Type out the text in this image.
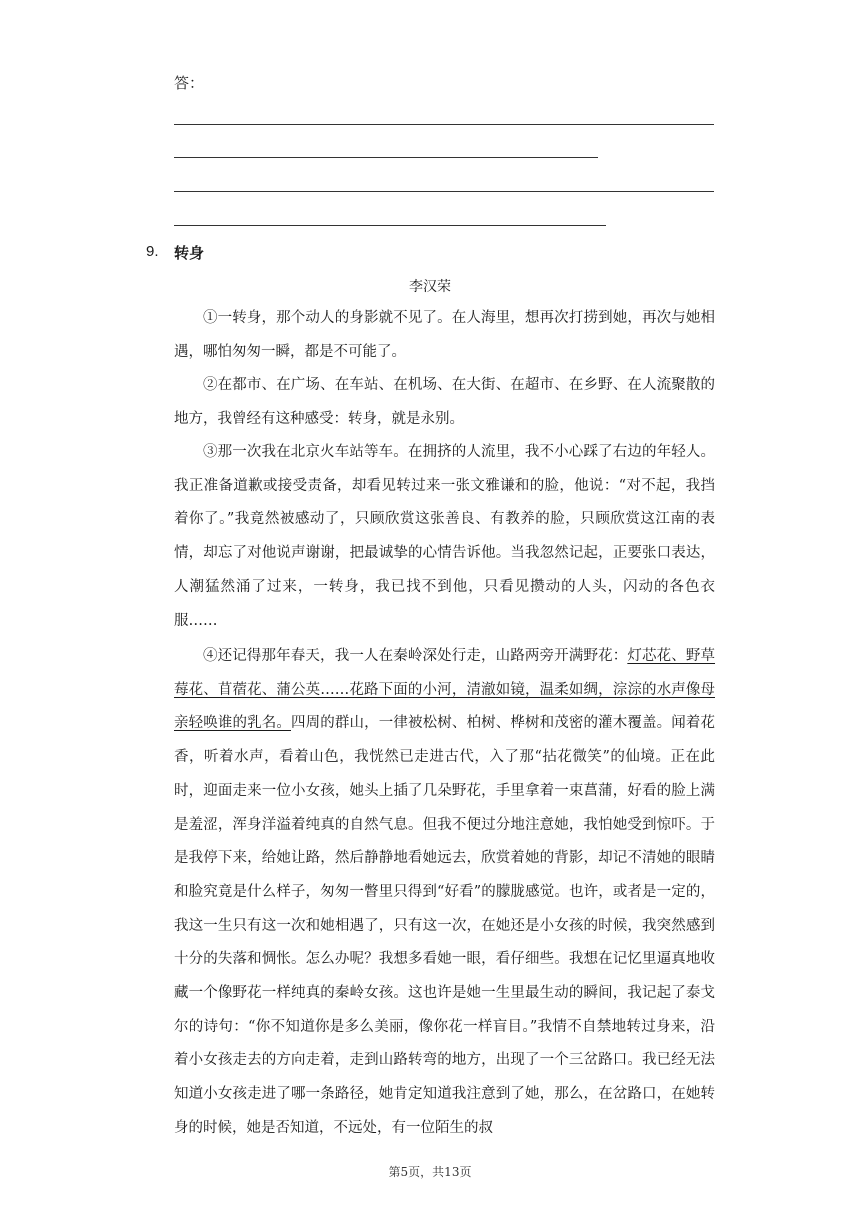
答：
9. 转身
李汉荣

①一转身，那个动人的身影就不见了。在人海里，想再次打捞到她，再次与她相遇，哪怕匆匆一瞬，都是不可能了。

②在都市、在广场、在车站、在机场、在大街、在超市、在乡野、在人流聚散的地方，我曾经有这种感受：转身，就是永别。

③那一次我在北京火车站等车。在拥挤的人流里，我不小心踩了右边的年轻人。我正准备道歉或接受责备，却看见转过来一张文雅谦和的脸，他说：“对不起，我挡着你了。”我竟然被感动了，只顾欣赏这张善良、有教养的脸，只顾欣赏这江南的表情，却忘了对他说声谢谢，把最诚挚的心情告诉他。当我忽然记起，正要张口表达，人潮猛然涌了过来，一转身，我已找不到他，只看见攒动的人头，闪动的各色衣服……

④还记得那年春天，我一人在秦岭深处行走，山路两旁开满野花：灯芯花、野草莓花、苜蓿花、蒲公英……花路下面的小河，清澈如镜，温柔如绸，淙淙的水声像母亲轻唤谁的乳名。四周的群山，一律被松树、柏树、桦树和茂密的灌木覆盖。闻着花香，听着水声，看着山色，我恍然已走进古代，入了那“拈花微笑”的仙境。正在此时，迎面走来一位小女孩，她头上插了几朵野花，手里拿着一束菖蒲，好看的脸上满是羞涩，浑身洋溢着纯真的自然气息。但我不便过分地注意她，我怕她受到惊吓。于是我停下来，给她让路，然后静静地看她远去，欣赏着她的背影，却记不清她的眼睛和脸究竟是什么样子，匆匆一瞥里只得到“好看”的朦胧感觉。也许，或者是一定的，我这一生只有这一次和她相遇了，只有这一次，在她还是小女孩的时候，我突然感到十分的失落和惆怅。怎么办呢？我想多看她一眼，看仔细些。我想在记忆里逼真地收藏一个像野花一样纯真的秦岭女孩。这也许是她一生里最生动的瞬间，我记起了泰戈尔的诗句：“你不知道你是多么美丽，像你花一样盲目。”我情不自禁地转过身来，沿着小女孩走去的方向走着，走到山路转弯的地方，出现了一个三岔路口。我已经无法知道小女孩走进了哪一条路径，她肯定知道我注意到了她，那么，在岔路口，在她转身的时候，她是否知道，不远处，有一位陌生的叔

第5页，共13页
